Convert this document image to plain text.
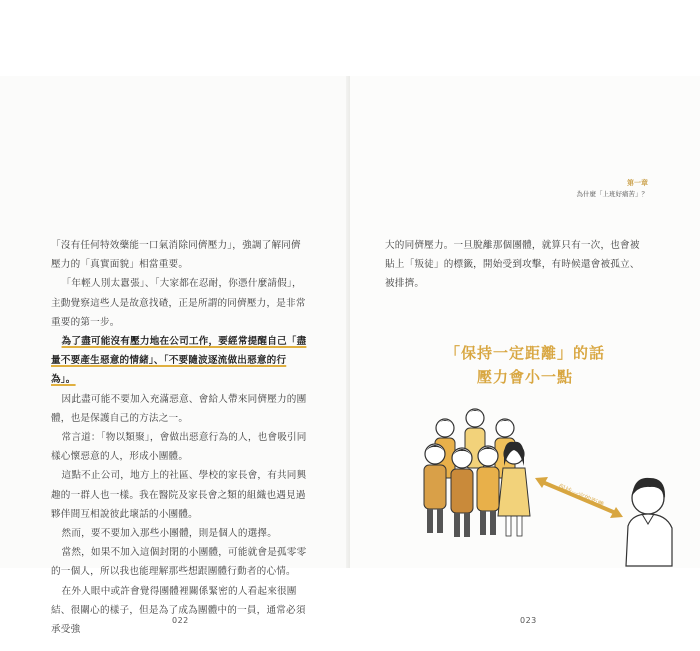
「沒有任何特效藥能一口氣消除同儕壓力」，強調了解同儕壓力的「真實面貌」相當重要。

「年輕人別太囂張」、「大家都在忍耐，你憑什麼請假」，主動覺察這些人是故意找碴，正是所謂的同儕壓力，是非常重要的第一步。

為了盡可能沒有壓力地在公司工作，要經常提醒自己「盡量不要產生惡意的情緒」、「不要隨波逐流做出惡意的行為」。

因此盡可能不要加入充滿惡意、會給人帶來同儕壓力的團體，也是保護自己的方法之一。

常言道：「物以類聚」，會做出惡意行為的人，也會吸引同樣心懷惡意的人，形成小團體。

這點不止公司，地方上的社區、學校的家長會，有共同興趣的一群人也一樣。我在醫院及家長會之類的組織也遇見過夥伴間互相說彼此壞話的小團體。

然而，要不要加入那些小團體，則是個人的選擇。

當然，如果不加入這個封閉的小團體，可能就會是孤零零的一個人，所以我也能理解那些想跟團體行動者的心情。

在外人眼中或許會覺得團體裡關係緊密的人看起來很團結、很關心的樣子，但是為了成為團體中的一員，通常必須承受強

022
第一章
為什麼「上班好痛苦」？

大的同儕壓力。一旦脫離那個團體，就算只有一次，也會被貼上「叛徒」的標籤，開始受到攻擊，有時候還會被孤立、被排擠。

「保持一定距離」的話
壓力會小一點
保持一定的距離
023
